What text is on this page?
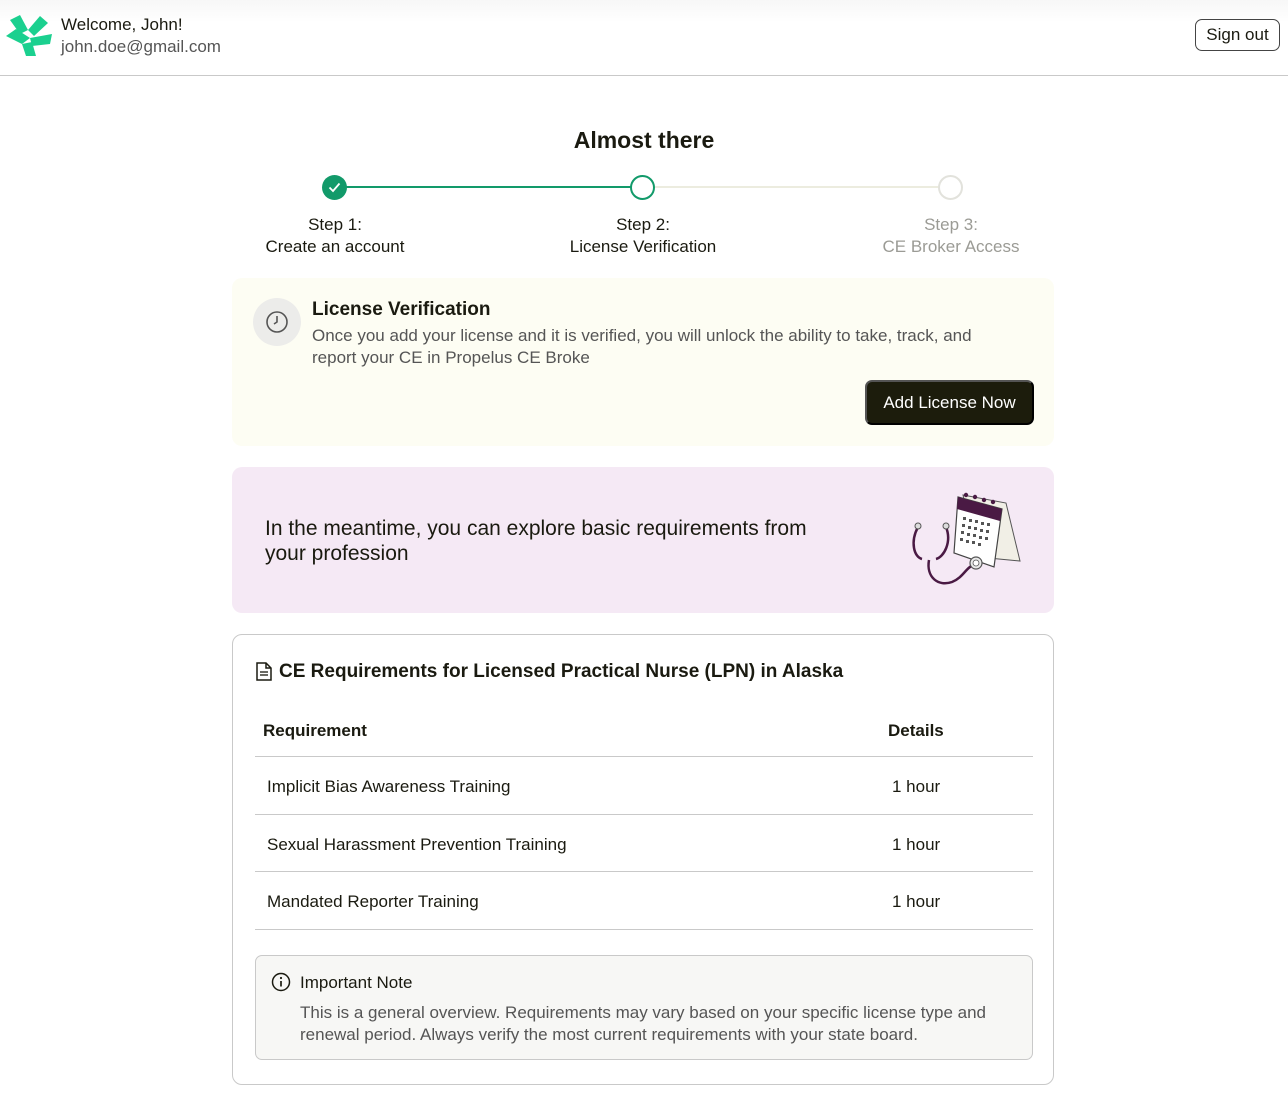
Welcome, John!
john.doe@gmail.com
Sign out
Almost there
Step 1:
Create an account
Step 2:
License Verification
Step 3:
CE Broker Access
License Verification
Once you add your license and it is verified, you will unlock the ability to take, track, and report your CE in Propelus CE Broke
Add License Now
In the meantime, you can explore basic requirements from your profession
CE Requirements for Licensed Practical Nurse (LPN) in Alaska
Requirement	Details
Implicit Bias Awareness Training	1 hour
Sexual Harassment Prevention Training	1 hour
Mandated Reporter Training	1 hour
Important Note
This is a general overview. Requirements may vary based on your specific license type and renewal period. Always verify the most current requirements with your state board.
